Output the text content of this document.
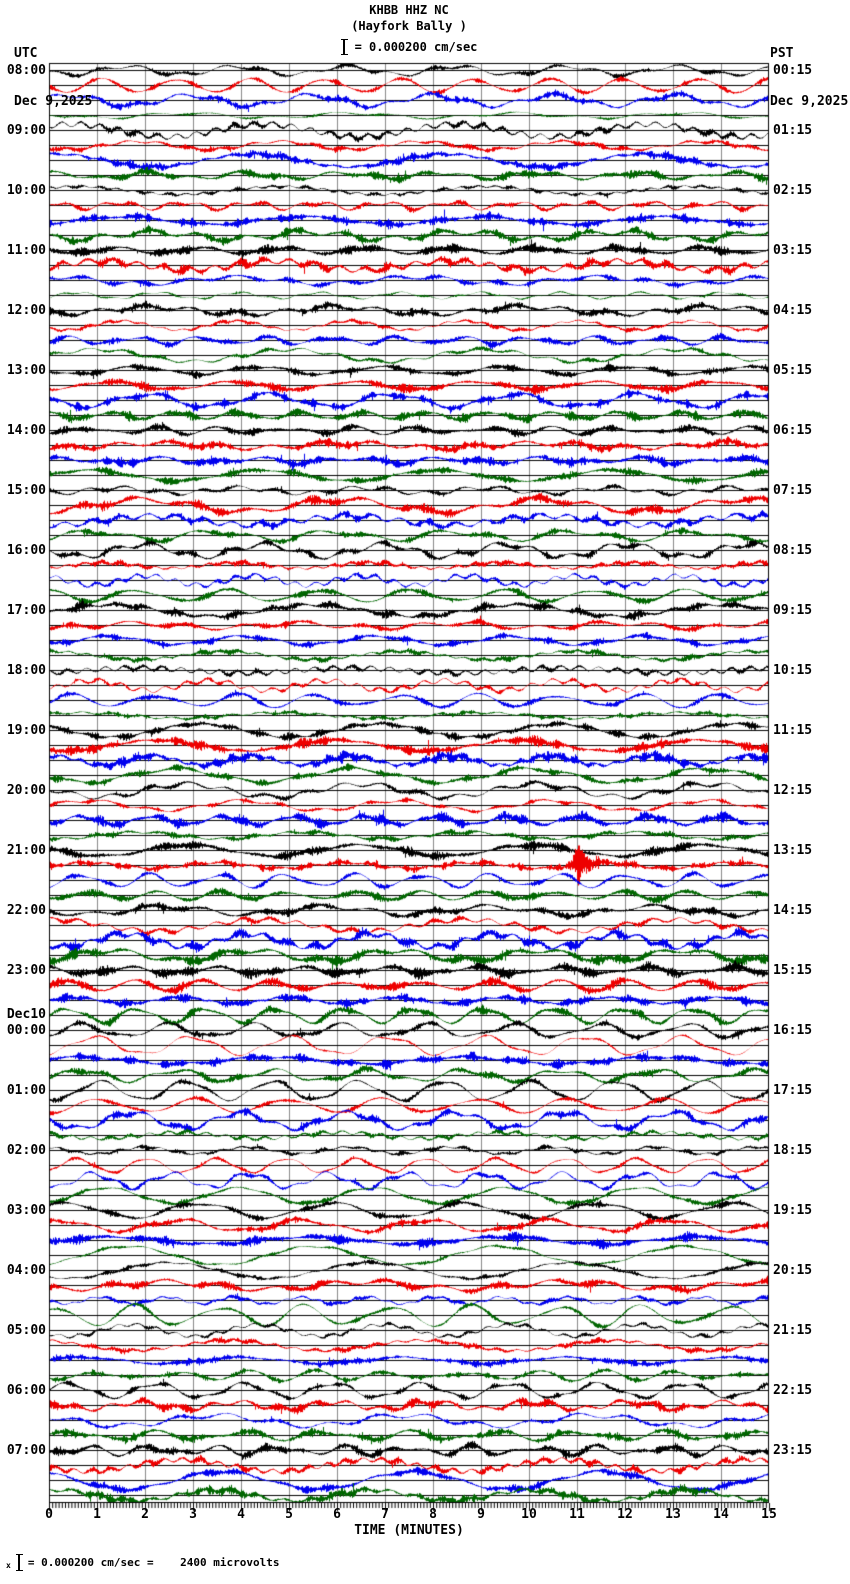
UTC

Dec 9,2025

PST

Dec 9,2025

KHBB HHZ NC
(Hayfork Bally )
= 0.000200 cm/sec
08:00	00:15
09:00	01:15
10:00	02:15
11:00	03:15
12:00	04:15
13:00	05:15
14:00	06:15
15:00	07:15
16:00	08:15
17:00	09:15
18:00	10:15
19:00	11:15
20:00	12:15
21:00	13:15
22:00	14:15
23:00	15:15
Dec10
00:00	16:15
01:00	17:15
02:00	18:15
03:00	19:15
04:00	20:15
05:00	21:15
06:00	22:15
07:00	23:15
0	1	2	3	4	5	6	7	8	9	10	11	12	13	14	15
TIME (MINUTES)
x = 0.000200 cm/sec =    2400 microvolts
